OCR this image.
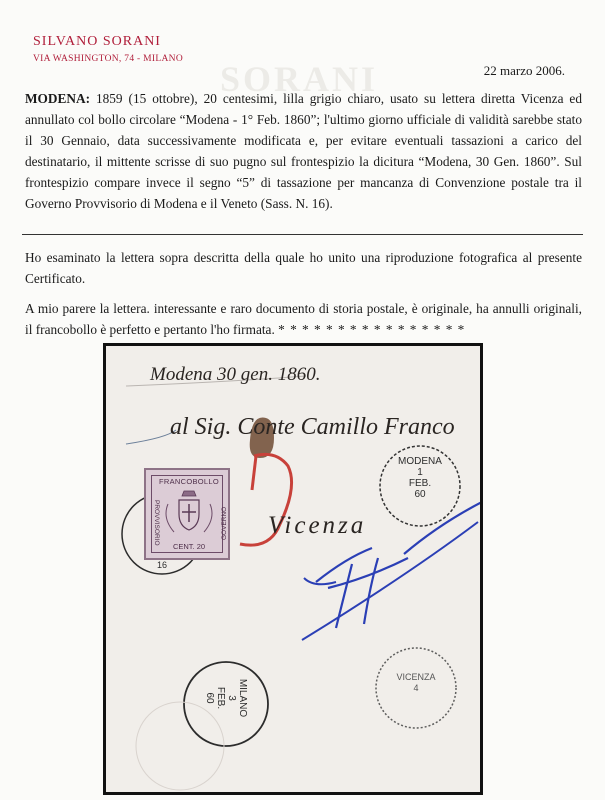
SORANI
SILVANO SORANI
VIA WASHINGTON, 74 - MILANO
22 marzo 2006.
MODENA: 1859 (15 ottobre), 20 centesimi, lilla grigio chiaro, usato su lettera diretta Vicenza ed annullato col bollo circolare “Modena - 1° Feb. 1860”; l'ultimo giorno ufficiale di validità sarebbe stato il 30 Gennaio, data successivamente modificata e, per evitare eventuali tassazioni a carico del destinatario, il mittente scrisse di suo pugno sul frontespizio la dicitura “Modena, 30 Gen. 1860”. Sul frontespizio compare invece il segno “5” di tassazione per mancanza di Convenzione postale tra il Governo Provvisorio di Modena e il Veneto (Sass. N. 16).
Ho esaminato la lettera sopra descritta della quale ho unito una riproduzione fotografica al presente Certificato.
A mio parere la lettera. interessante e raro documento di storia postale, è originale, ha annulli originali, il francobollo è perfetto e pertanto l'ho firmata. * * * * * * * * * * * * * * * *
Modena 30 gen. 1860.
al Sig. Conte Camillo Franco
Vicenza
FRANCOBOLLO
PROVVISORIO	GOVERNO
CENT. 20
MODENA
1
FEB.
60
MILANO
3
FEB.
60
16
VICENZA
4
